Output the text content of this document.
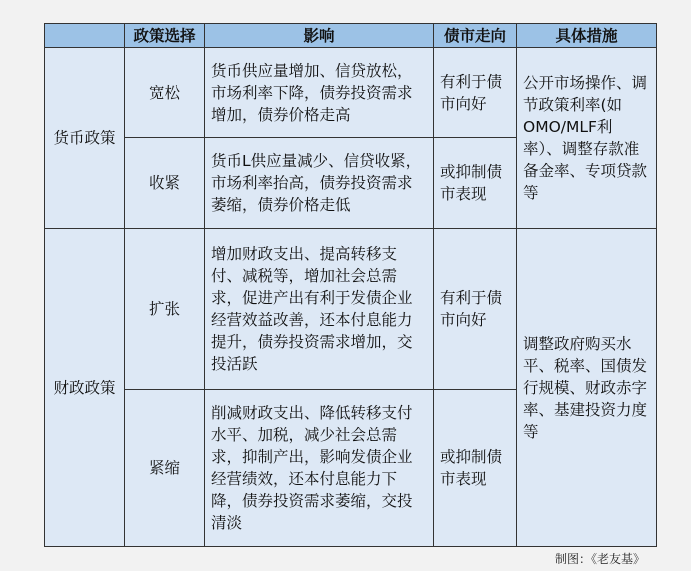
	政策选择	影响	债市走向	具体措施
货币政策	宽松	货币供应量增加、信贷放松，市场利率下降，债券投资需求增加，债券价格走高	有利于债市向好	公开市场操作、调节政策利率(如OMO/MLF利率）、调整存款准备金率、专项贷款等
	收紧	货币L供应量减少、信贷收紧，市场利率抬高，债券投资需求萎缩，债券价格走低	或抑制债市表现	
财政政策	扩张	增加财政支出、提高转移支付、减税等，增加社会总需求，促进产出有利于发债企业经营效益改善，还本付息能力提升，债券投资需求增加，交投活跃	有利于债市向好	调整政府购买水平、税率、国债发行规模、财政赤字率、基建投资力度等
	紧缩	削减财政支出、降低转移支付水平、加税，减少社会总需求，抑制产出，影响发债企业经营绩效，还本付息能力下降，债券投资需求萎缩，交投清淡	或抑制债市表现	
制图：《老友基》
